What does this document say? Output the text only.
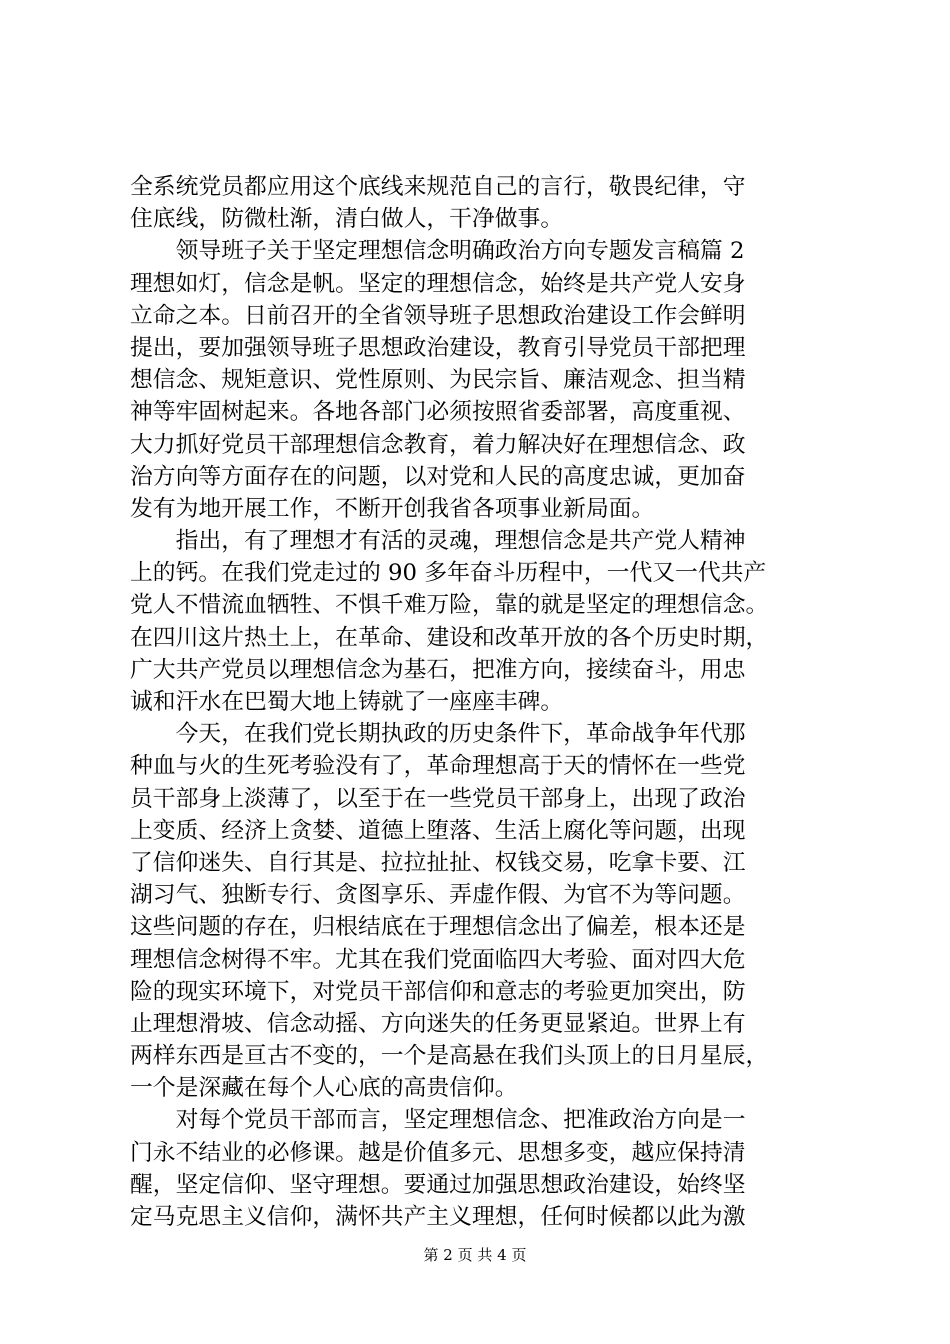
全系统党员都应用这个底线来规范自己的言行，敬畏纪律，守
住底线，防微杜渐，清白做人，干净做事。
　　领导班子关于坚定理想信念明确政治方向专题发言稿篇 2
理想如灯，信念是帆。坚定的理想信念，始终是共产党人安身
立命之本。日前召开的全省领导班子思想政治建设工作会鲜明
提出，要加强领导班子思想政治建设，教育引导党员干部把理
想信念、规矩意识、党性原则、为民宗旨、廉洁观念、担当精
神等牢固树起来。各地各部门必须按照省委部署，高度重视、
大力抓好党员干部理想信念教育，着力解决好在理想信念、政
治方向等方面存在的问题，以对党和人民的高度忠诚，更加奋
发有为地开展工作，不断开创我省各项事业新局面。
　　指出，有了理想才有活的灵魂，理想信念是共产党人精神
上的钙。在我们党走过的 90 多年奋斗历程中，一代又一代共产
党人不惜流血牺牲、不惧千难万险，靠的就是坚定的理想信念。
在四川这片热土上，在革命、建设和改革开放的各个历史时期，
广大共产党员以理想信念为基石，把准方向，接续奋斗，用忠
诚和汗水在巴蜀大地上铸就了一座座丰碑。
　　今天，在我们党长期执政的历史条件下，革命战争年代那
种血与火的生死考验没有了，革命理想高于天的情怀在一些党
员干部身上淡薄了，以至于在一些党员干部身上，出现了政治
上变质、经济上贪婪、道德上堕落、生活上腐化等问题，出现
了信仰迷失、自行其是、拉拉扯扯、权钱交易，吃拿卡要、江
湖习气、独断专行、贪图享乐、弄虚作假、为官不为等问题。
这些问题的存在，归根结底在于理想信念出了偏差，根本还是
理想信念树得不牢。尤其在我们党面临四大考验、面对四大危
险的现实环境下，对党员干部信仰和意志的考验更加突出，防
止理想滑坡、信念动摇、方向迷失的任务更显紧迫。世界上有
两样东西是亘古不变的，一个是高悬在我们头顶上的日月星辰，
一个是深藏在每个人心底的高贵信仰。
　　对每个党员干部而言，坚定理想信念、把准政治方向是一
门永不结业的必修课。越是价值多元、思想多变，越应保持清
醒，坚定信仰、坚守理想。要通过加强思想政治建设，始终坚
定马克思主义信仰，满怀共产主义理想，任何时候都以此为激
第 2 页 共 4 页
